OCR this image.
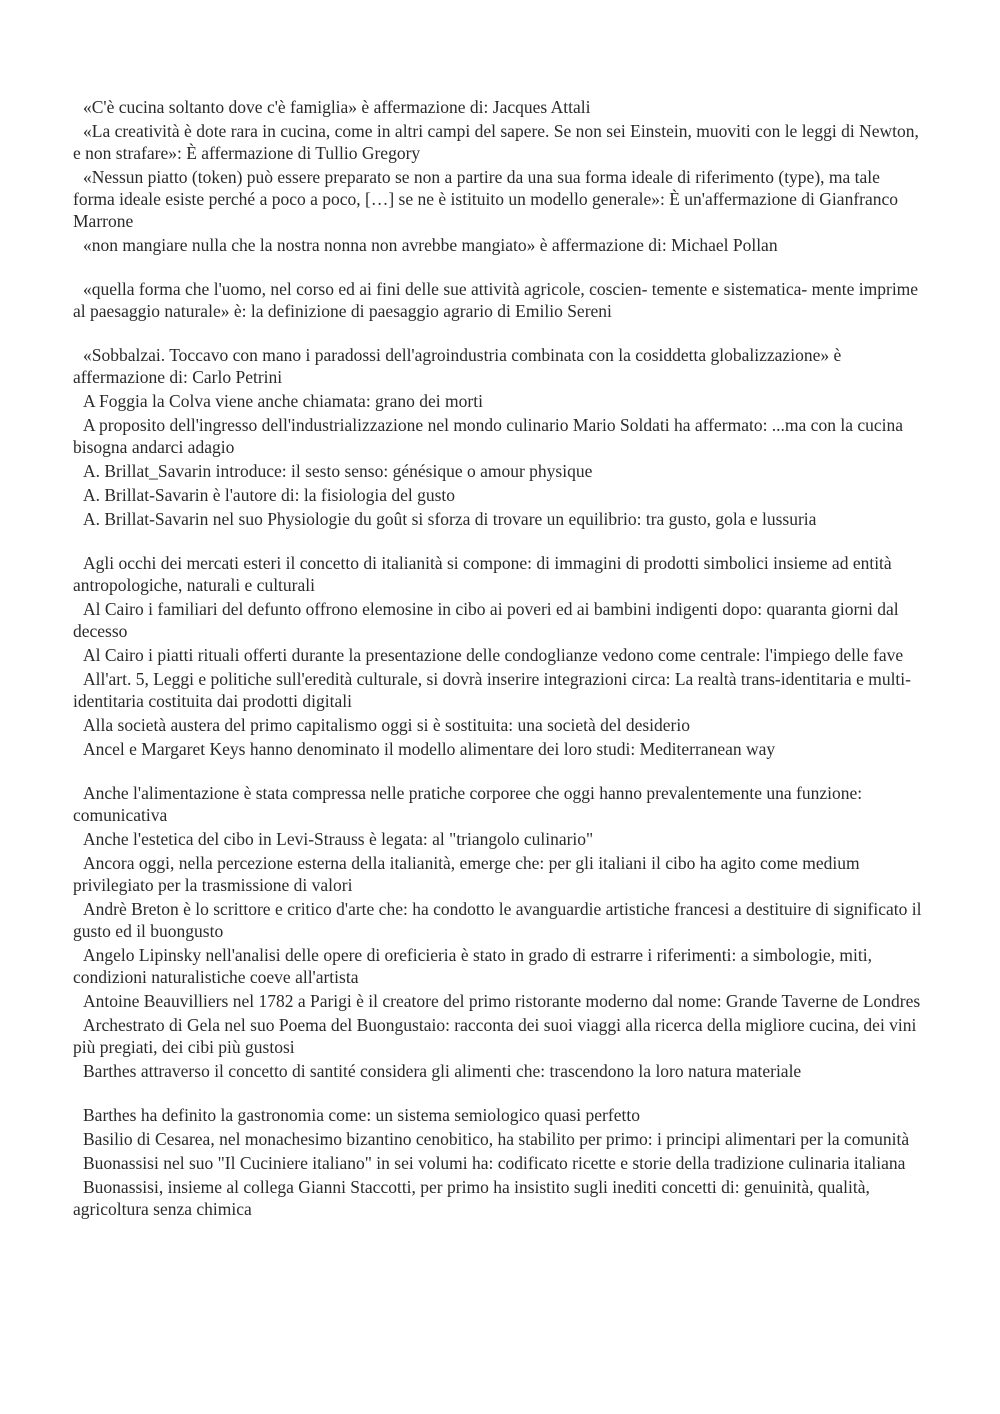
«C'è cucina soltanto dove c'è famiglia» è affermazione di: Jacques Attali

«La creatività è dote rara in cucina, come in altri campi del sapere. Se non sei Einstein, muoviti con le leggi di Newton, e non strafare»: È affermazione di Tullio Gregory

«Nessun piatto (token) può essere preparato se non a partire da una sua forma ideale di riferimento (type), ma tale forma ideale esiste perché a poco a poco, […] se ne è istituito un modello generale»: È un'affermazione di Gianfranco Marrone

«non mangiare nulla che la nostra nonna non avrebbe mangiato» è affermazione di: Michael Pollan

«quella forma che l'uomo, nel corso ed ai fini delle sue attività agricole, coscien- temente e sistematica- mente imprime al paesaggio naturale» è: la definizione di paesaggio agrario di Emilio Sereni

«Sobbalzai. Toccavo con mano i paradossi dell'agroindustria combinata con la cosiddetta globalizzazione» è affermazione di: Carlo Petrini

A Foggia la Colva viene anche chiamata: grano dei morti

A proposito dell'ingresso dell'industrializzazione nel mondo culinario Mario Soldati ha affermato: ...ma con la cucina bisogna andarci adagio

A. Brillat_Savarin introduce: il sesto senso: génésique o amour physique

A. Brillat-Savarin è l'autore di: la fisiologia del gusto

A. Brillat-Savarin nel suo Physiologie du goût si sforza di trovare un equilibrio: tra gusto, gola e lussuria

Agli occhi dei mercati esteri il concetto di italianità si compone: di immagini di prodotti simbolici insieme ad entità antropologiche, naturali e culturali

Al Cairo i familiari del defunto offrono elemosine in cibo ai poveri ed ai bambini indigenti dopo: quaranta giorni dal decesso

Al Cairo i piatti rituali offerti durante la presentazione delle condoglianze vedono come centrale: l'impiego delle fave

All'art. 5, Leggi e politiche sull'eredità culturale, si dovrà inserire integrazioni circa: La realtà trans-identitaria e multi-identitaria costituita dai prodotti digitali

Alla società austera del primo capitalismo oggi si è sostituita: una società del desiderio

Ancel e Margaret Keys hanno denominato il modello alimentare dei loro studi: Mediterranean way

Anche l'alimentazione è stata compressa nelle pratiche corporee che oggi hanno prevalentemente una funzione: comunicativa

Anche l'estetica del cibo in Levi-Strauss è legata: al "triangolo culinario"

Ancora oggi, nella percezione esterna della italianità, emerge che: per gli italiani il cibo ha agito come medium privilegiato per la trasmissione di valori

Andrè Breton è lo scrittore e critico d'arte che: ha condotto le avanguardie artistiche francesi a destituire di significato il gusto ed il buongusto

Angelo Lipinsky nell'analisi delle opere di oreficieria è stato in grado di estrarre i riferimenti: a simbologie, miti, condizioni naturalistiche coeve all'artista

Antoine Beauvilliers nel 1782 a Parigi è il creatore del primo ristorante moderno dal nome: Grande Taverne de Londres

Archestrato di Gela nel suo Poema del Buongustaio: racconta dei suoi viaggi alla ricerca della migliore cucina, dei vini più pregiati, dei cibi più gustosi

Barthes attraverso il concetto di santité considera gli alimenti che: trascendono la loro natura materiale

Barthes ha definito la gastronomia come: un sistema semiologico quasi perfetto

Basilio di Cesarea, nel monachesimo bizantino cenobitico, ha stabilito per primo: i principi alimentari per la comunità

Buonassisi nel suo "Il Cuciniere italiano" in sei volumi ha: codificato ricette e storie della tradizione culinaria italiana

Buonassisi, insieme al collega Gianni Staccotti, per primo ha insistito sugli inediti concetti di: genuinità, qualità, agricoltura senza chimica
